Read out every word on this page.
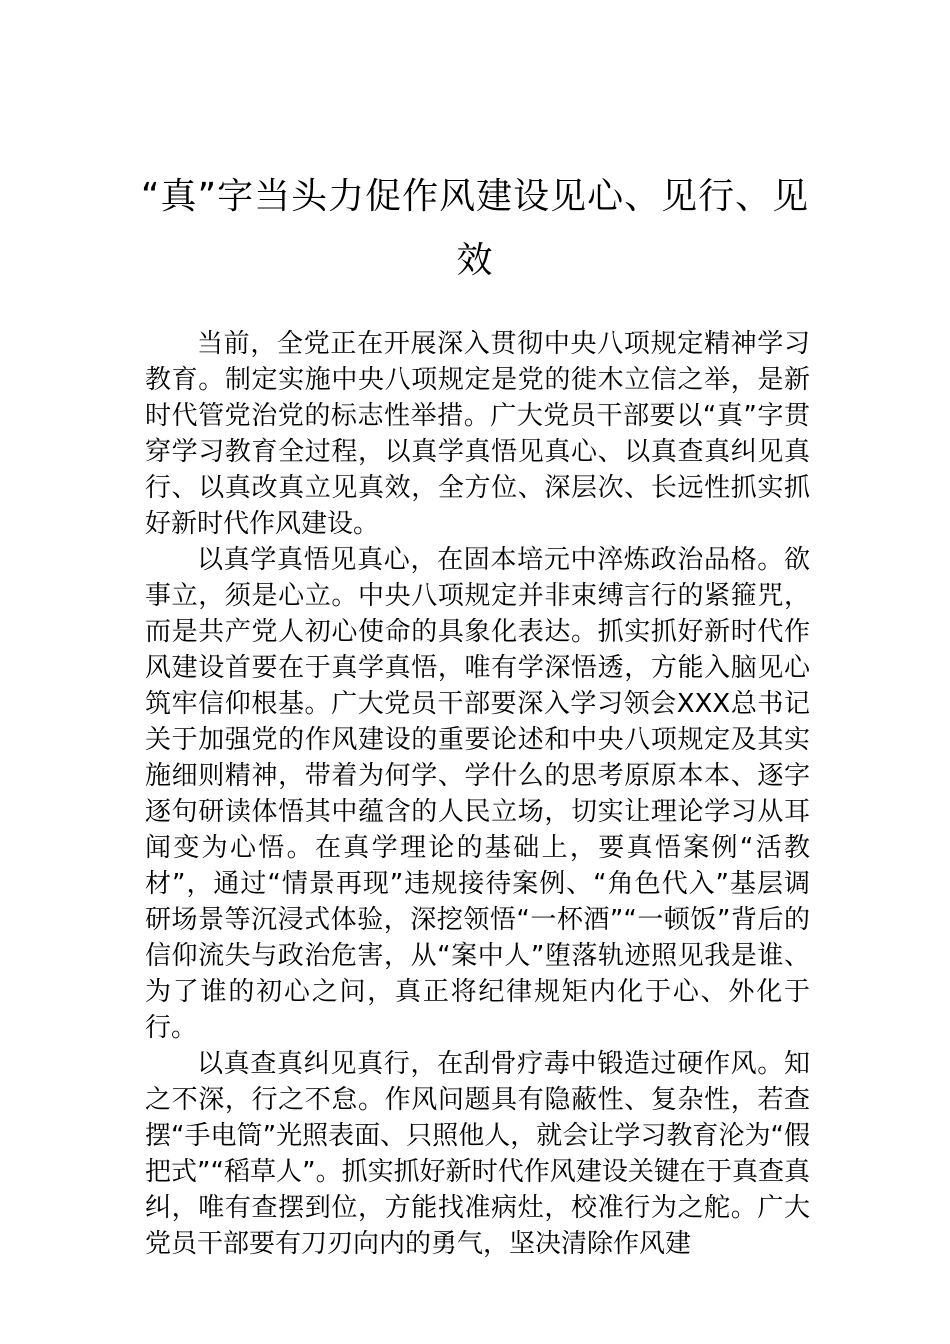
“真”字当头力促作风建设见心、见行、见效

当前，全党正在开展深入贯彻中央八项规定精神学习教育。制定实施中央八项规定是党的徙木立信之举，是新时代管党治党的标志性举措。广大党员干部要以“真”字贯穿学习教育全过程，以真学真悟见真心、以真查真纠见真行、以真改真立见真效，全方位、深层次、长远性抓实抓好新时代作风建设。

以真学真悟见真心，在固本培元中淬炼政治品格。欲事立，须是心立。中央八项规定并非束缚言行的紧箍咒，而是共产党人初心使命的具象化表达。抓实抓好新时代作风建设首要在于真学真悟，唯有学深悟透，方能入脑见心筑牢信仰根基。广大党员干部要深入学习领会XXX总书记关于加强党的作风建设的重要论述和中央八项规定及其实施细则精神，带着为何学、学什么的思考原原本本、逐字逐句研读体悟其中蕴含的人民立场，切实让理论学习从耳闻变为心悟。在真学理论的基础上，要真悟案例“活教材”，通过“情景再现”违规接待案例、“角色代入”基层调研场景等沉浸式体验，深挖领悟“一杯酒”“一顿饭”背后的信仰流失与政治危害，从“案中人”堕落轨迹照见我是谁、为了谁的初心之问，真正将纪律规矩内化于心、外化于行。

以真查真纠见真行，在刮骨疗毒中锻造过硬作风。知之不深，行之不怠。作风问题具有隐蔽性、复杂性，若查摆“手电筒”光照表面、只照他人，就会让学习教育沦为“假把式”“稻草人”。抓实抓好新时代作风建设关键在于真查真纠，唯有查摆到位，方能找准病灶，校准行为之舵。广大党员干部要有刀刃向内的勇气，坚决清除作风建
